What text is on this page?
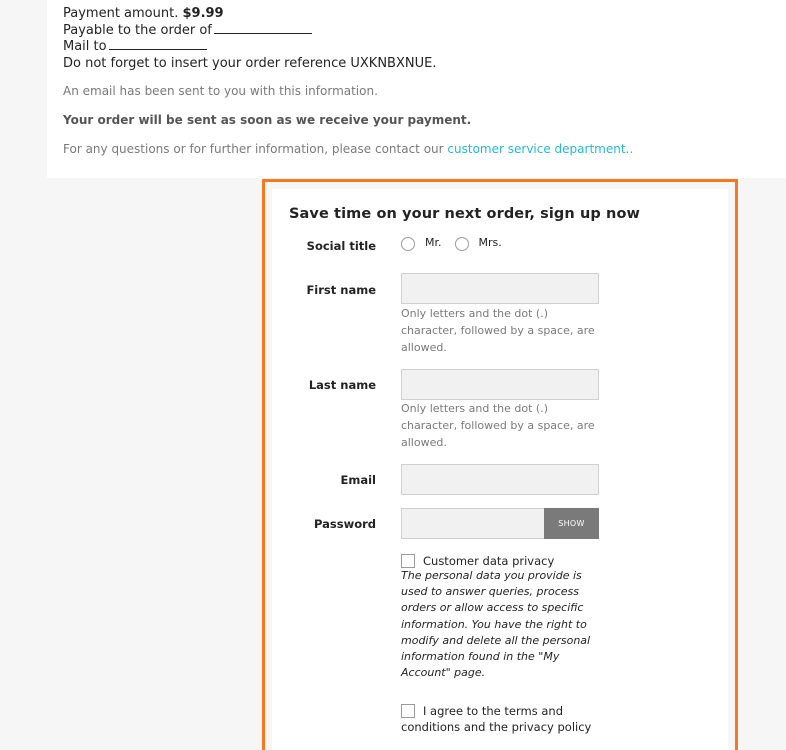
Payment amount. $9.99
Payable to the order of
Mail to
Do not forget to insert your order reference UXKNBXNUE.

An email has been sent to you with this information.

Your order will be sent as soon as we receive your payment.

For any questions or for further information, please contact our customer service department..

Save time on your next order, sign up now
Social title
First name
Last name
Email
Password
Mr.	Mrs.
Only letters and the dot (.) character, followed by a space, are allowed.
Only letters and the dot (.) character, followed by a space, are allowed.
SHOW
Customer data privacy
The personal data you provide is used to answer queries, process orders or allow access to specific information. You have the right to modify and delete all the personal information found in the "My Account" page.
I agree to the terms and conditions and the privacy policy
